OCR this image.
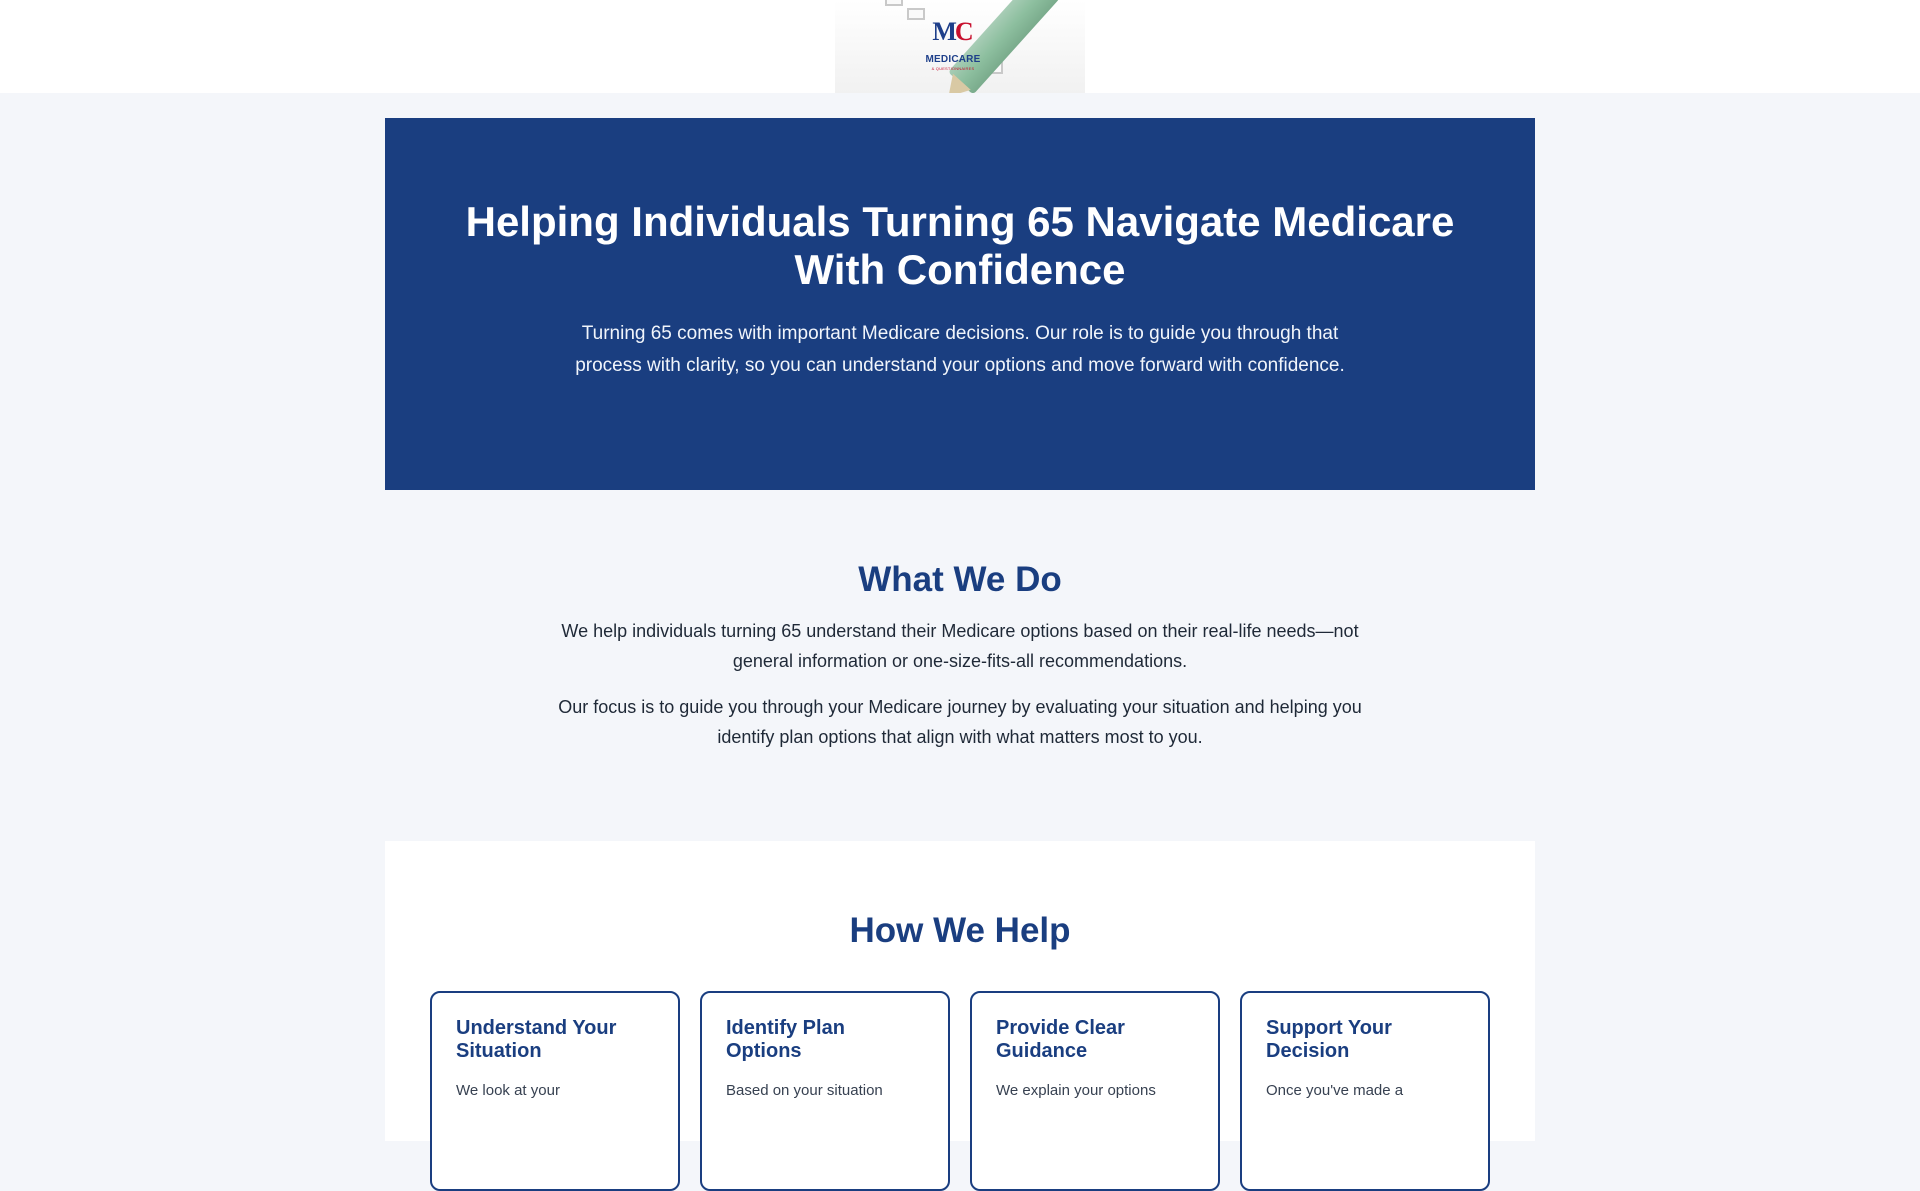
MC
MEDICARE
& QUESTIONNAIRES
Helping Individuals Turning 65 Navigate Medicare With Confidence

Turning 65 comes with important Medicare decisions. Our role is to guide you through that process with clarity, so you can understand your options and move forward with confidence.

What We Do

We help individuals turning 65 understand their Medicare options based on their real-life needs—not general information or one-size-fits-all recommendations.

Our focus is to guide you through your Medicare journey by evaluating your situation and helping you identify plan options that align with what matters most to you.

How We Help
Understand Your Situation

We look at your

Identify Plan Options

Based on your situation

Provide Clear Guidance

We explain your options

Support Your Decision

Once you've made a
